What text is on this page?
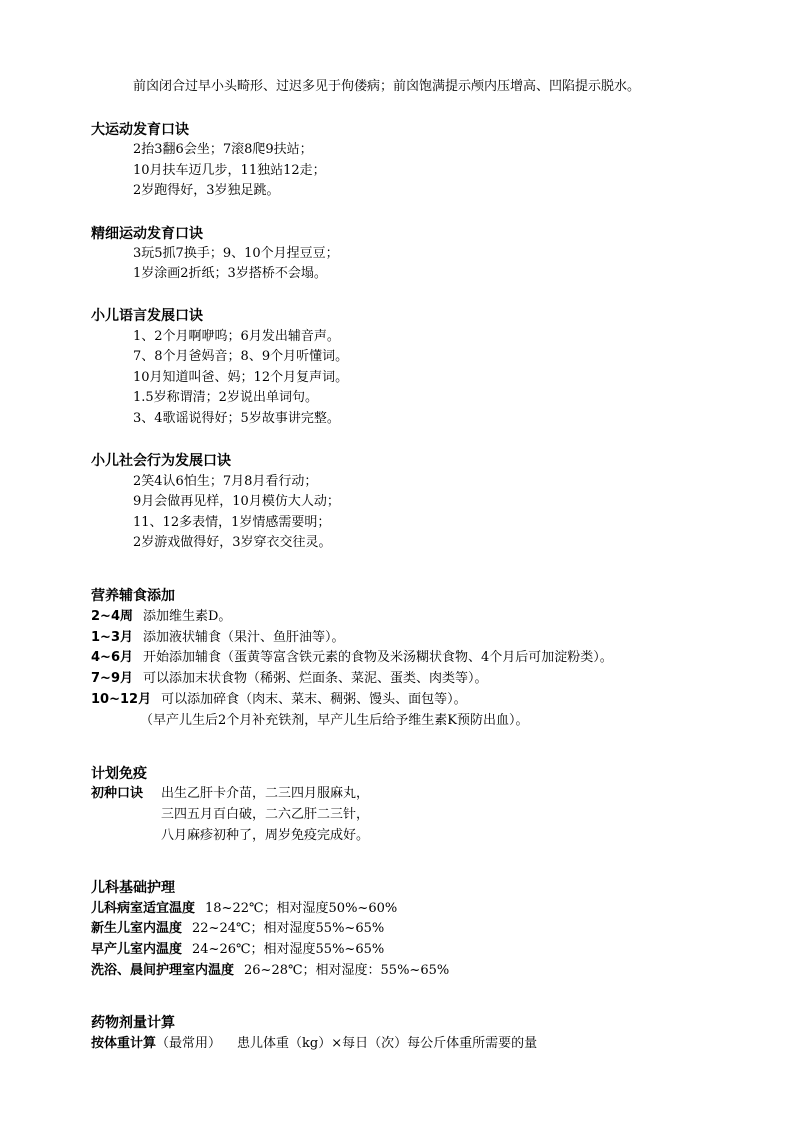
前囟闭合过早小头畸形、过迟多见于佝偻病；前囟饱满提示颅内压增高、凹陷提示脱水。
大运动发育口诀
2抬3翻6会坐；7滚8爬9扶站；
10月扶车迈几步，11独站12走；
2岁跑得好，3岁独足跳。
精细运动发育口诀
3玩5抓7换手；9、10个月捏豆豆；
1岁涂画2折纸；3岁搭桥不会塌。
小儿语言发展口诀
1、2个月啊咿呜；6月发出辅音声。
7、8个月爸妈音；8、9个月听懂词。
10月知道叫爸、妈；12个月复声词。
1.5岁称谓清；2岁说出单词句。
3、4歌谣说得好；5岁故事讲完整。
小儿社会行为发展口诀
2笑4认6怕生；7月8月看行动；
9月会做再见样，10月模仿大人动；
11、12多表情，1岁情感需要明；
2岁游戏做得好，3岁穿衣交往灵。
营养辅食添加
2~4周 添加维生素D。
1~3月 添加液状辅食（果汁、鱼肝油等）。
4~6月 开始添加辅食（蛋黄等富含铁元素的食物及米汤糊状食物、4个月后可加淀粉类）。
7~9月 可以添加末状食物（稀粥、烂面条、菜泥、蛋类、肉类等）。
10~12月 可以添加碎食（肉末、菜末、稠粥、馒头、面包等）。
（早产儿生后2个月补充铁剂，早产儿生后给予维生素K预防出血）。
计划免疫
初种口诀 出生乙肝卡介苗，二三四月服麻丸，
三四五月百白破，二六乙肝二三针，
八月麻疹初种了，周岁免疫完成好。
儿科基础护理
儿科病室适宜温度 18~22℃；相对湿度50%~60%
新生儿室内温度 22~24℃；相对湿度55%~65%
早产儿室内温度 24~26℃；相对湿度55%~65%
洗浴、晨间护理室内温度 26~28℃；相对湿度：55%~65%
药物剂量计算
按体重计算（最常用） 患儿体重（kg）×每日（次）每公斤体重所需要的量
